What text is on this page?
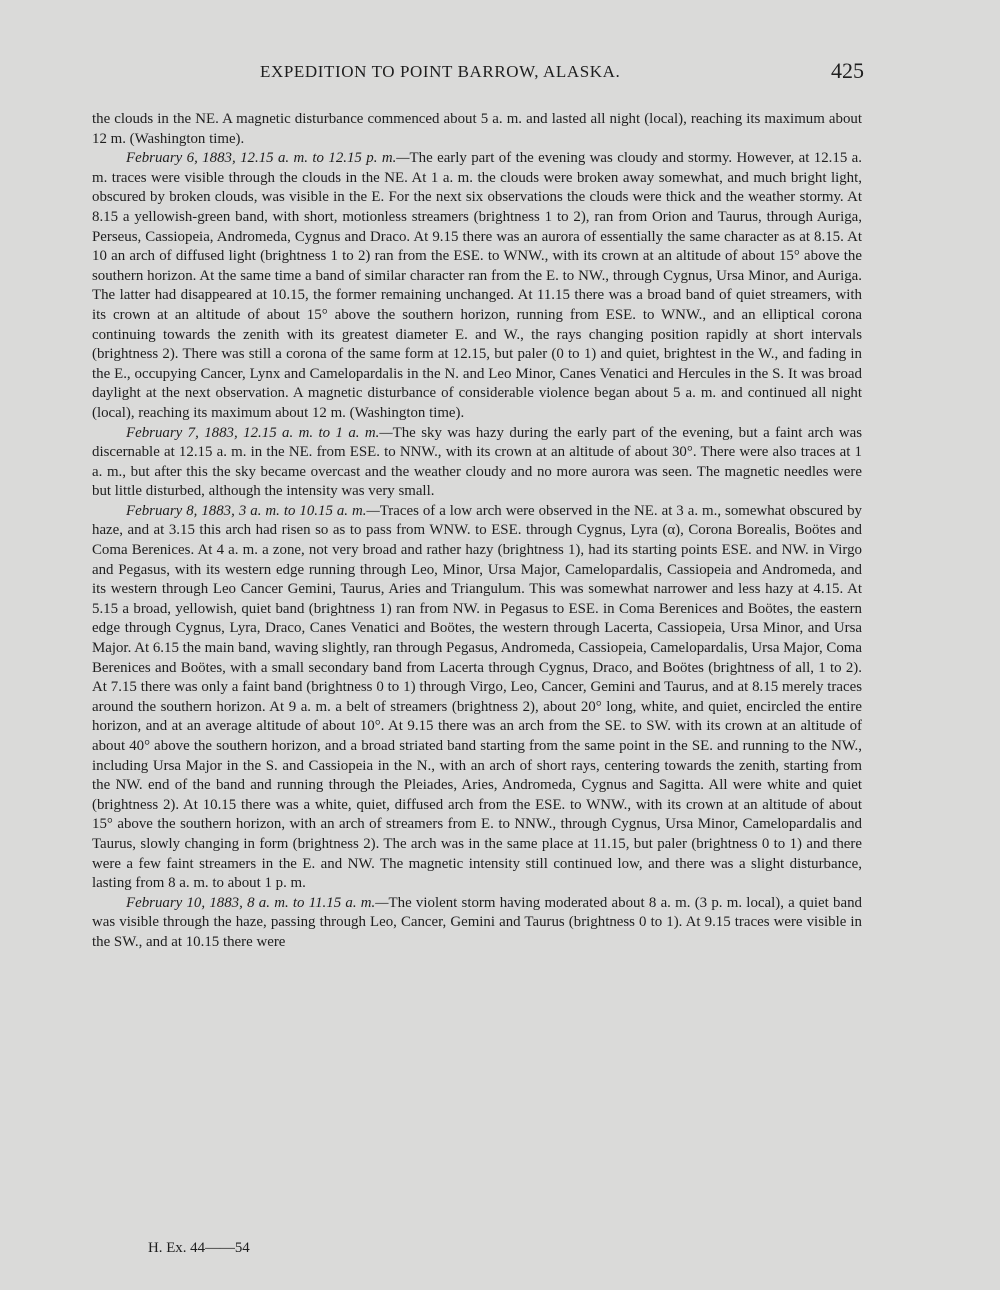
EXPEDITION TO POINT BARROW, ALASKA.	425

the clouds in the NE. A magnetic disturbance commenced about 5 a. m. and lasted all night (local), reaching its maximum about 12 m. (Washington time).

February 6, 1883, 12.15 a. m. to 12.15 p. m.—The early part of the evening was cloudy and stormy. However, at 12.15 a. m. traces were visible through the clouds in the NE. At 1 a. m. the clouds were broken away somewhat, and much bright light, obscured by broken clouds, was visible in the E. For the next six observations the clouds were thick and the weather stormy. At 8.15 a yellowish-green band, with short, motionless streamers (brightness 1 to 2), ran from Orion and Taurus, through Auriga, Perseus, Cassiopeia, Andromeda, Cygnus and Draco. At 9.15 there was an aurora of essentially the same character as at 8.15. At 10 an arch of diffused light (brightness 1 to 2) ran from the ESE. to WNW., with its crown at an altitude of about 15° above the southern horizon. At the same time a band of similar character ran from the E. to NW., through Cygnus, Ursa Minor, and Auriga. The latter had disappeared at 10.15, the former remaining unchanged. At 11.15 there was a broad band of quiet streamers, with its crown at an altitude of about 15° above the southern horizon, running from ESE. to WNW., and an elliptical corona continuing towards the zenith with its greatest diameter E. and W., the rays changing position rapidly at short intervals (brightness 2). There was still a corona of the same form at 12.15, but paler (0 to 1) and quiet, brightest in the W., and fading in the E., occupying Cancer, Lynx and Camelopardalis in the N. and Leo Minor, Canes Venatici and Hercules in the S. It was broad daylight at the next observation. A magnetic disturbance of considerable violence began about 5 a. m. and continued all night (local), reaching its maximum about 12 m. (Washington time).

February 7, 1883, 12.15 a. m. to 1 a. m.—The sky was hazy during the early part of the evening, but a faint arch was discernable at 12.15 a. m. in the NE. from ESE. to NNW., with its crown at an altitude of about 30°. There were also traces at 1 a. m., but after this the sky became overcast and the weather cloudy and no more aurora was seen. The magnetic needles were but little disturbed, although the intensity was very small.

February 8, 1883, 3 a. m. to 10.15 a. m.—Traces of a low arch were observed in the NE. at 3 a. m., somewhat obscured by haze, and at 3.15 this arch had risen so as to pass from WNW. to ESE. through Cygnus, Lyra (α), Corona Borealis, Boötes and Coma Berenices. At 4 a. m. a zone, not very broad and rather hazy (brightness 1), had its starting points ESE. and NW. in Virgo and Pegasus, with its western edge running through Leo, Minor, Ursa Major, Camelopardalis, Cassiopeia and Andromeda, and its western through Leo Cancer Gemini, Taurus, Aries and Triangulum. This was somewhat narrower and less hazy at 4.15. At 5.15 a broad, yellowish, quiet band (brightness 1) ran from NW. in Pegasus to ESE. in Coma Berenices and Boötes, the eastern edge through Cygnus, Lyra, Draco, Canes Venatici and Boötes, the western through Lacerta, Cassiopeia, Ursa Minor, and Ursa Major. At 6.15 the main band, waving slightly, ran through Pegasus, Andromeda, Cassiopeia, Camelopardalis, Ursa Major, Coma Berenices and Boötes, with a small secondary band from Lacerta through Cygnus, Draco, and Boötes (brightness of all, 1 to 2). At 7.15 there was only a faint band (brightness 0 to 1) through Virgo, Leo, Cancer, Gemini and Taurus, and at 8.15 merely traces around the southern horizon. At 9 a. m. a belt of streamers (brightness 2), about 20° long, white, and quiet, encircled the entire horizon, and at an average altitude of about 10°. At 9.15 there was an arch from the SE. to SW. with its crown at an altitude of about 40° above the southern horizon, and a broad striated band starting from the same point in the SE. and running to the NW., including Ursa Major in the S. and Cassiopeia in the N., with an arch of short rays, centering towards the zenith, starting from the NW. end of the band and running through the Pleiades, Aries, Andromeda, Cygnus and Sagitta. All were white and quiet (brightness 2). At 10.15 there was a white, quiet, diffused arch from the ESE. to WNW., with its crown at an altitude of about 15° above the southern horizon, with an arch of streamers from E. to NNW., through Cygnus, Ursa Minor, Camelopardalis and Taurus, slowly changing in form (brightness 2). The arch was in the same place at 11.15, but paler (brightness 0 to 1) and there were a few faint streamers in the E. and NW. The magnetic intensity still continued low, and there was a slight disturbance, lasting from 8 a. m. to about 1 p. m.

February 10, 1883, 8 a. m. to 11.15 a. m.—The violent storm having moderated about 8 a. m. (3 p. m. local), a quiet band was visible through the haze, passing through Leo, Cancer, Gemini and Taurus (brightness 0 to 1). At 9.15 traces were visible in the SW., and at 10.15 there were

H. Ex. 44——54
